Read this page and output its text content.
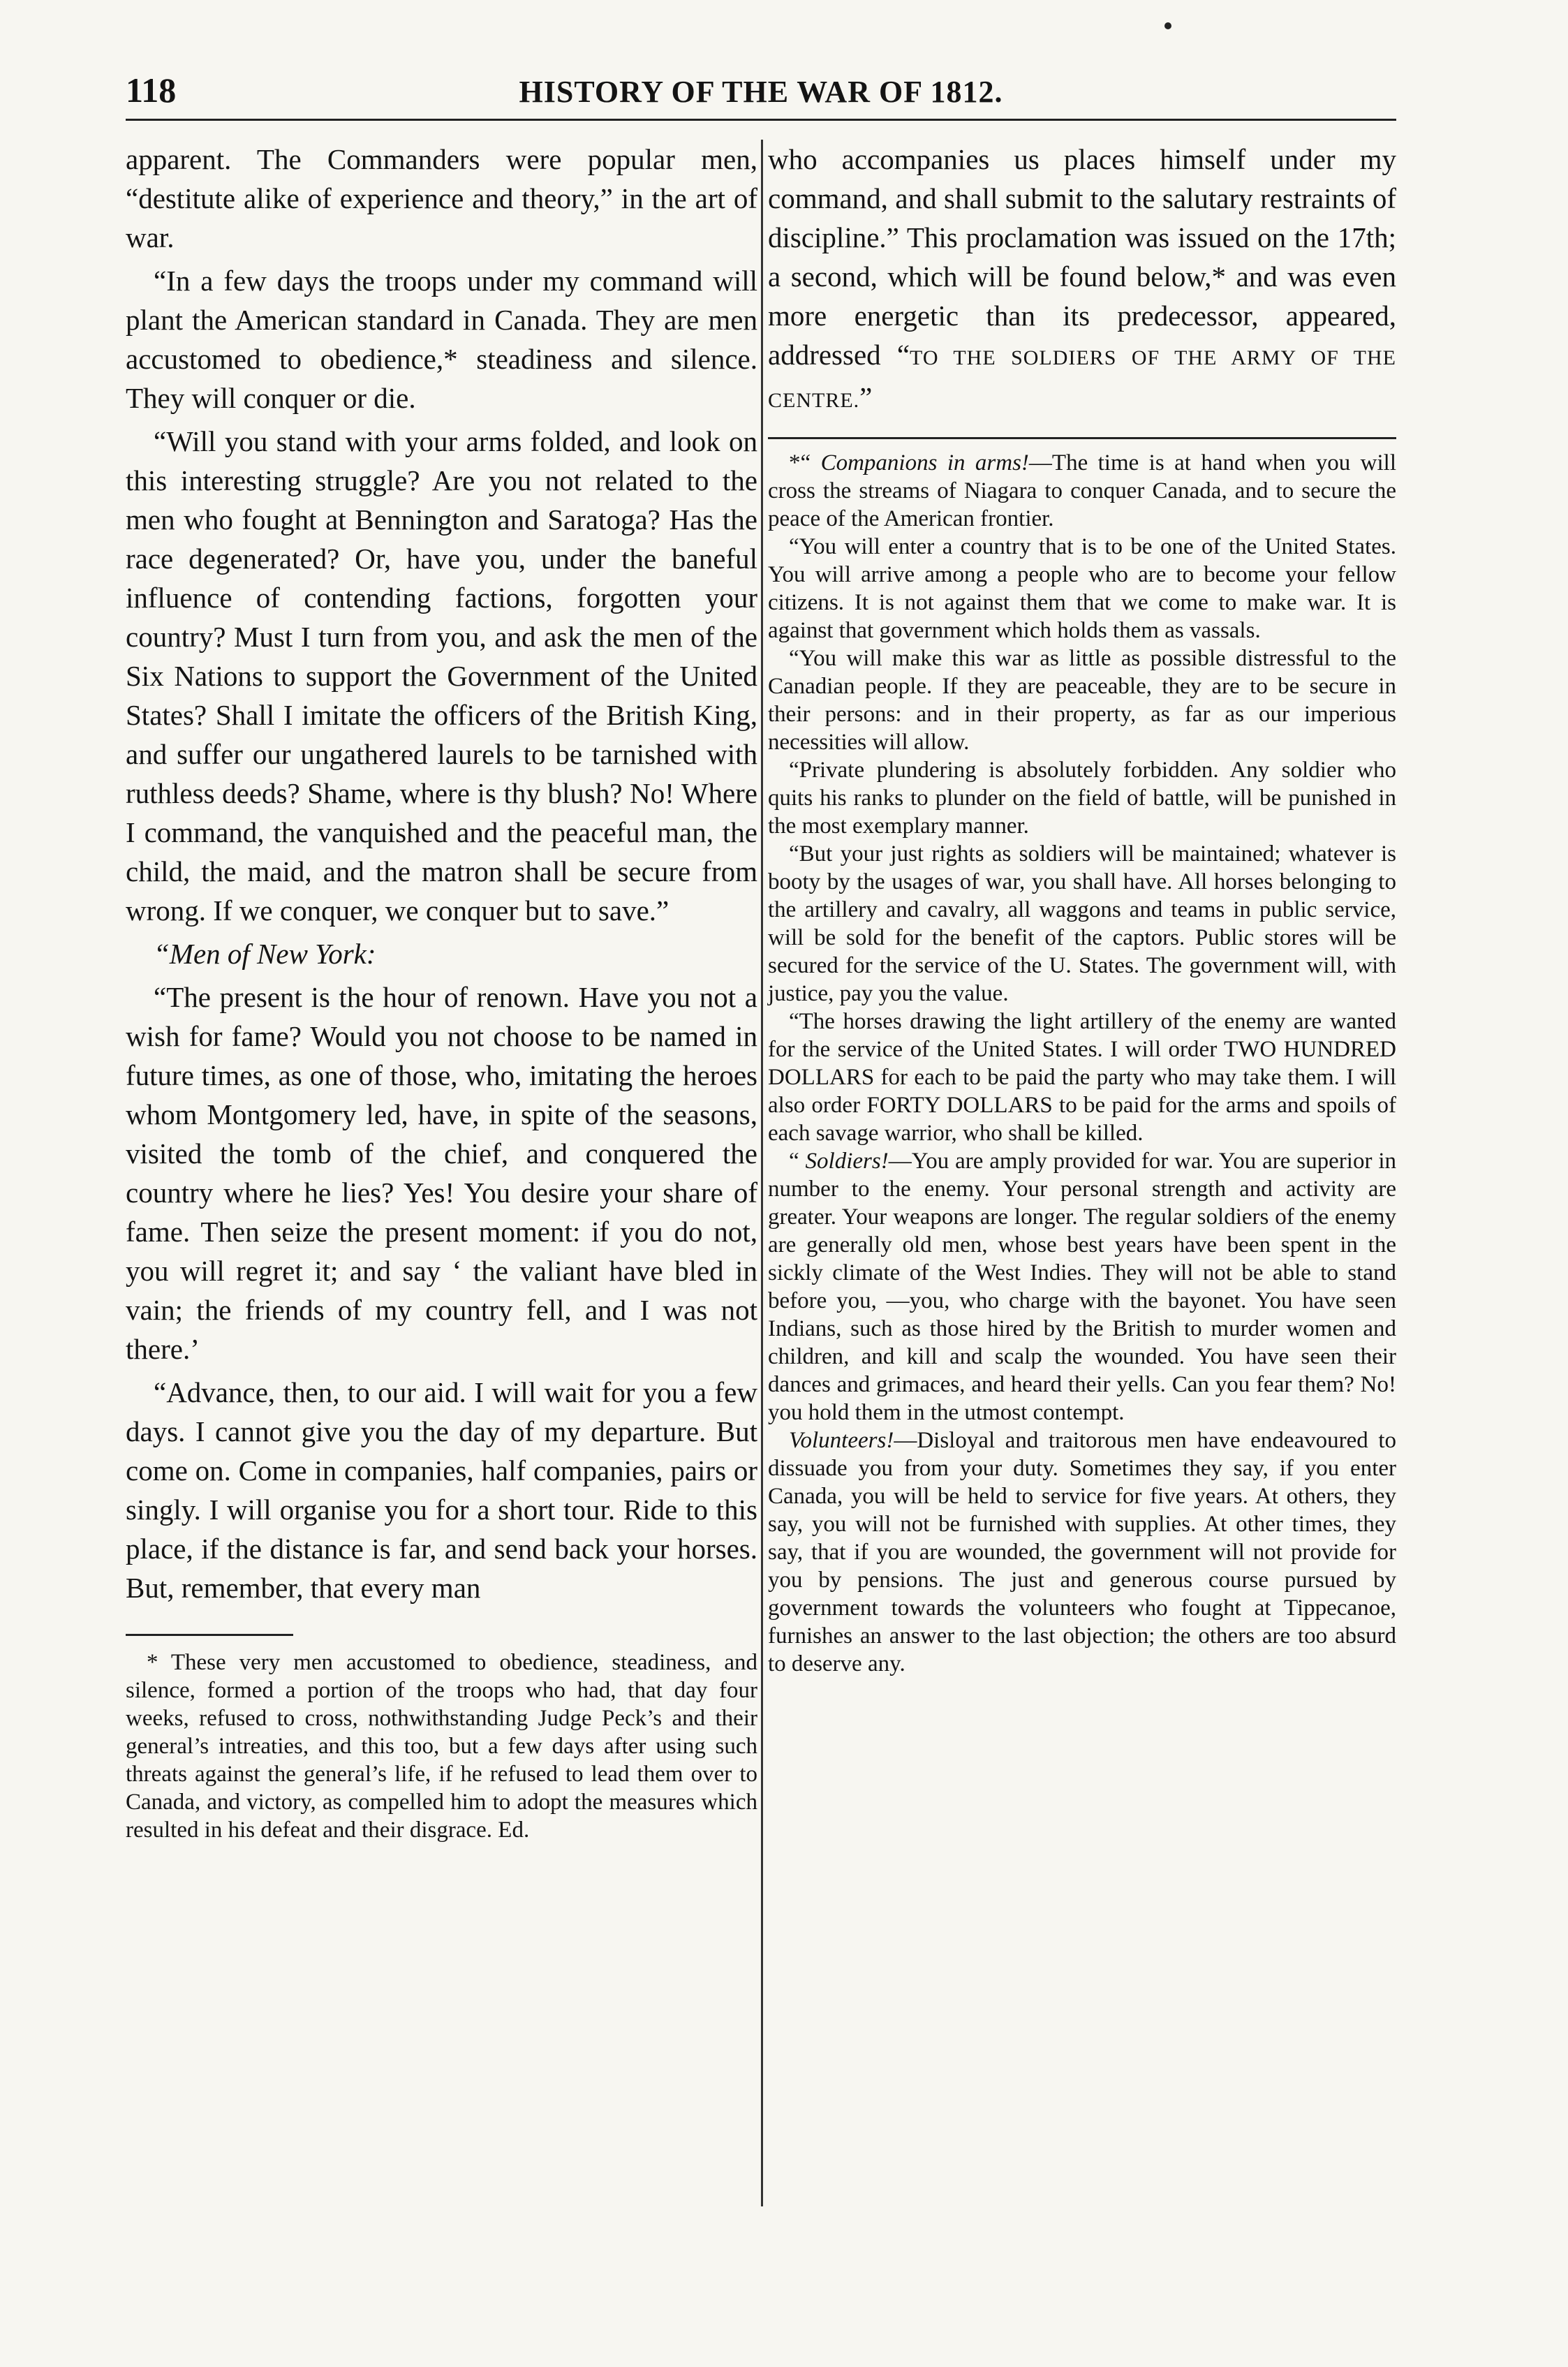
118	HISTORY OF THE WAR OF 1812.

apparent. The Commanders were popular men, “destitute alike of experience and theory,” in the art of war.

“In a few days the troops under my command will plant the American standard in Canada. They are men accustomed to obedience,* steadiness and silence. They will conquer or die.

“Will you stand with your arms folded, and look on this interesting struggle? Are you not related to the men who fought at Bennington and Saratoga? Has the race degenerated? Or, have you, under the baneful influence of contending factions, forgotten your country? Must I turn from you, and ask the men of the Six Nations to support the Government of the United States? Shall I imitate the officers of the British King, and suffer our ungathered laurels to be tarnished with ruthless deeds? Shame, where is thy blush? No! Where I command, the vanquished and the peaceful man, the child, the maid, and the matron shall be secure from wrong. If we conquer, we conquer but to save.”

“Men of New York:

“The present is the hour of renown. Have you not a wish for fame? Would you not choose to be named in future times, as one of those, who, imitating the heroes whom Montgomery led, have, in spite of the seasons, visited the tomb of the chief, and conquered the country where he lies? Yes! You desire your share of fame. Then seize the present moment: if you do not, you will regret it; and say ‘ the valiant have bled in vain; the friends of my country fell, and I was not there.’

“Advance, then, to our aid. I will wait for you a few days. I cannot give you the day of my departure. But come on. Come in companies, half companies, pairs or singly. I will organise you for a short tour. Ride to this place, if the distance is far, and send back your horses. But, remember, that every man

* These very men accustomed to obedience, steadiness, and silence, formed a portion of the troops who had, that day four weeks, refused to cross, nothwithstanding Judge Peck’s and their general’s intreaties, and this too, but a few days after using such threats against the general’s life, if he refused to lead them over to Canada, and victory, as compelled him to adopt the measures which resulted in his defeat and their disgrace. Ed.

who accompanies us places himself under my command, and shall submit to the salutary restraints of discipline.” This proclamation was issued on the 17th; a second, which will be found below,* and was even more energetic than its predecessor, appeared, addressed “TO THE SOLDIERS OF THE ARMY OF THE CENTRE.”

*“ Companions in arms!—The time is at hand when you will cross the streams of Niagara to conquer Canada, and to secure the peace of the American frontier.

“You will enter a country that is to be one of the United States. You will arrive among a people who are to become your fellow citizens. It is not against them that we come to make war. It is against that government which holds them as vassals.

“You will make this war as little as possible distressful to the Canadian people. If they are peaceable, they are to be secure in their persons: and in their property, as far as our imperious necessities will allow.

“Private plundering is absolutely forbidden. Any soldier who quits his ranks to plunder on the field of battle, will be punished in the most exemplary manner.

“But your just rights as soldiers will be maintained; whatever is booty by the usages of war, you shall have. All horses belonging to the artillery and cavalry, all waggons and teams in public service, will be sold for the benefit of the captors. Public stores will be secured for the service of the U. States. The government will, with justice, pay you the value.

“The horses drawing the light artillery of the enemy are wanted for the service of the United States. I will order TWO HUNDRED DOLLARS for each to be paid the party who may take them. I will also order FORTY DOLLARS to be paid for the arms and spoils of each savage warrior, who shall be killed.

“ Soldiers!—You are amply provided for war. You are superior in number to the enemy. Your personal strength and activity are greater. Your weapons are longer. The regular soldiers of the enemy are generally old men, whose best years have been spent in the sickly climate of the West Indies. They will not be able to stand before you, —you, who charge with the bayonet. You have seen Indians, such as those hired by the British to murder women and children, and kill and scalp the wounded. You have seen their dances and grimaces, and heard their yells. Can you fear them? No! you hold them in the utmost contempt.

Volunteers!—Disloyal and traitorous men have endeavoured to dissuade you from your duty. Sometimes they say, if you enter Canada, you will be held to service for five years. At others, they say, you will not be furnished with supplies. At other times, they say, that if you are wounded, the government will not provide for you by pensions. The just and generous course pursued by government towards the volunteers who fought at Tippecanoe, furnishes an answer to the last objection; the others are too absurd to deserve any.
